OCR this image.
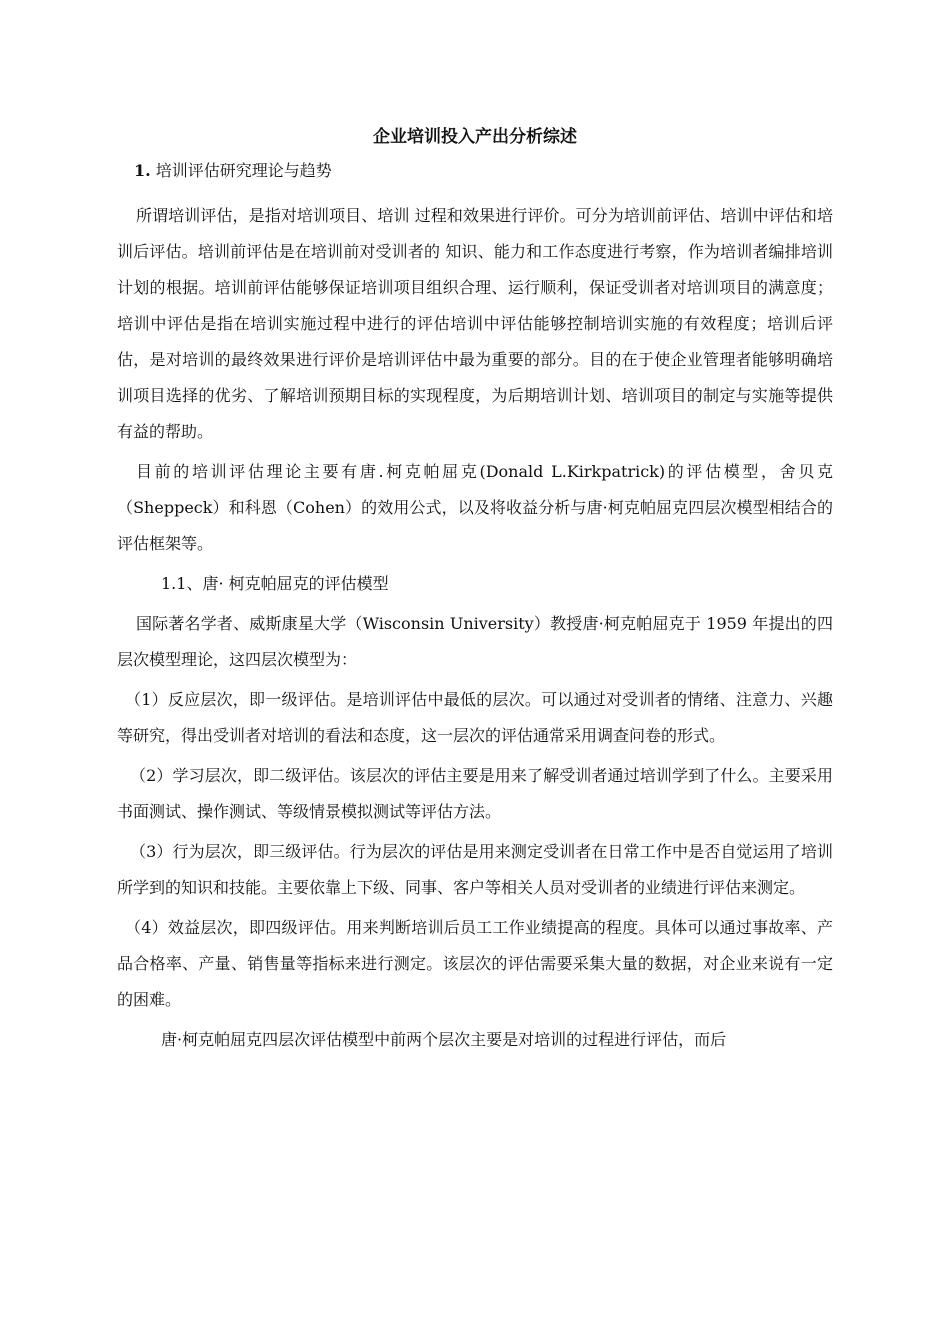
企业培训投入产出分析综述
1. 培训评估研究理论与趋势

所谓培训评估，是指对培训项目、培训 过程和效果进行评价。可分为培训前评估、培训中评估和培训后评估。培训前评估是在培训前对受训者的 知识、能力和工作态度进行考察，作为培训者编排培训计划的根据。培训前评估能够保证培训项目组织合理、运行顺利，保证受训者对培训项目的满意度；培训中评估是指在培训实施过程中进行的评估培训中评估能够控制培训实施的有效程度；培训后评估，是对培训的最终效果进行评价是培训评估中最为重要的部分。目的在于使企业管理者能够明确培训项目选择的优劣、了解培训预期目标的实现程度，为后期培训计划、培训项目的制定与实施等提供有益的帮助。

目前的培训评估理论主要有唐.柯克帕屈克(Donald L.Kirkpatrick)的评估模型，舍贝克（Sheppeck）和科恩（Cohen）的效用公式，以及将收益分析与唐·柯克帕屈克四层次模型相结合的评估框架等。

1.1、唐· 柯克帕屈克的评估模型

国际著名学者、威斯康星大学（Wisconsin University）教授唐·柯克帕屈克于 1959 年提出的四层次模型理论，这四层次模型为：

（1）反应层次，即一级评估。是培训评估中最低的层次。可以通过对受训者的情绪、注意力、兴趣等研究，得出受训者对培训的看法和态度，这一层次的评估通常采用调查问卷的形式。

（2）学习层次，即二级评估。该层次的评估主要是用来了解受训者通过培训学到了什么。主要采用书面测试、操作测试、等级情景模拟测试等评估方法。

（3）行为层次，即三级评估。行为层次的评估是用来测定受训者在日常工作中是否自觉运用了培训所学到的知识和技能。主要依靠上下级、同事、客户等相关人员对受训者的业绩进行评估来测定。

（4）效益层次，即四级评估。用来判断培训后员工工作业绩提高的程度。具体可以通过事故率、产品合格率、产量、销售量等指标来进行测定。该层次的评估需要采集大量的数据，对企业来说有一定的困难。

唐·柯克帕屈克四层次评估模型中前两个层次主要是对培训的过程进行评估，而后
